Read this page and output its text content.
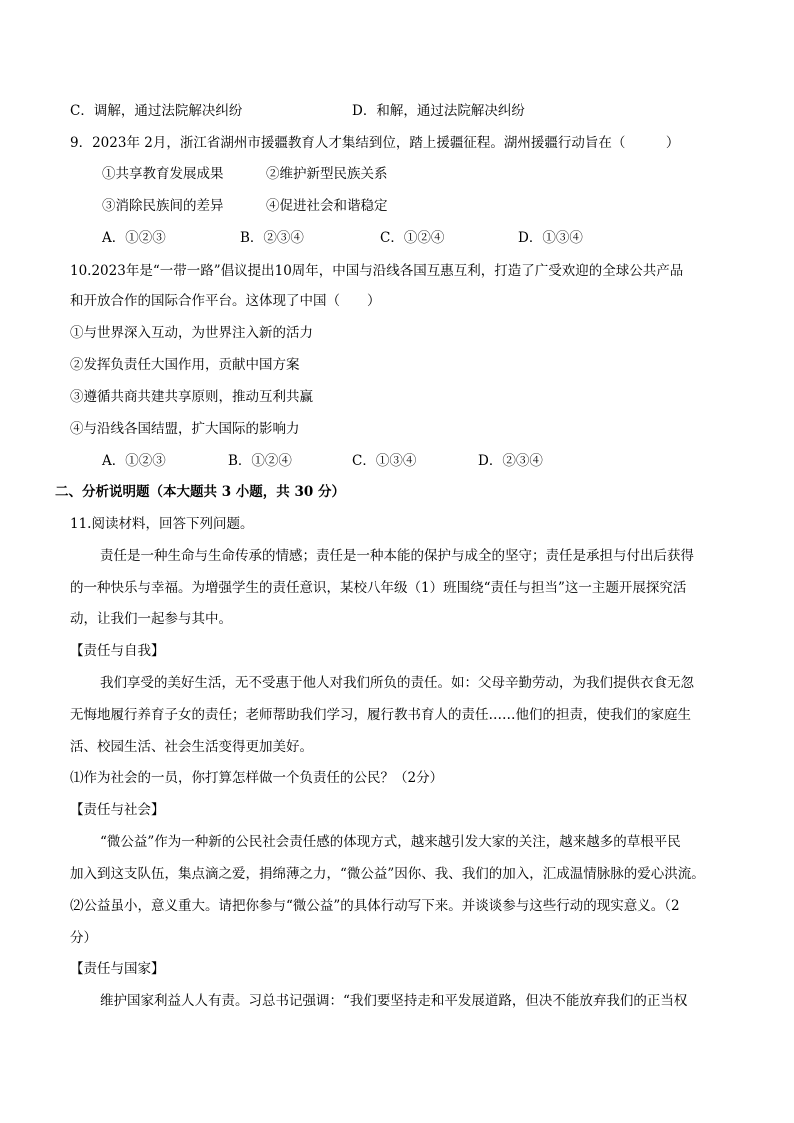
C．调解，通过法院解决纠纷	D．和解，通过法院解决纠纷
9．2023年 2月，浙江省湖州市援疆教育人才集结到位，踏上援疆征程。湖州援疆行动旨在（　　　）
①共享教育发展成果	②维护新型民族关系
③消除民族间的差异	④促进社会和谐稳定
A．①②③	B．②③④	C．①②④	D．①③④
10.2023年是“一带一路”倡议提出10周年，中国与沿线各国互惠互利，打造了广受欢迎的全球公共产品
和开放合作的国际合作平台。这体现了中国（　　）
①与世界深入互动，为世界注入新的活力
②发挥负责任大国作用，贡献中国方案
③遵循共商共建共享原则，推动互利共赢
④与沿线各国结盟，扩大国际的影响力
A．①②③	B．①②④	C．①③④	D．②③④
二、分析说明题（本大题共 3 小题，共 30 分）
11.阅读材料，回答下列问题。
责任是一种生命与生命传承的情感；责任是一种本能的保护与成全的坚守；责任是承担与付出后获得
的一种快乐与幸福。为增强学生的责任意识，某校八年级（1）班围绕“责任与担当”这一主题开展探究活
动，让我们一起参与其中。
【责任与自我】
我们享受的美好生活，无不受惠于他人对我们所负的责任。如：父母辛勤劳动，为我们提供衣食无忽
无悔地履行养育子女的责任；老师帮助我们学习，履行教书育人的责任……他们的担责，使我们的家庭生
活、校园生活、社会生活变得更加美好。
⑴作为社会的一员，你打算怎样做一个负责任的公民？（2分）
【责任与社会】
“微公益”作为一种新的公民社会责任感的体现方式，越来越引发大家的关注，越来越多的草根平民
加入到这支队伍，集点滴之爱，捐绵薄之力，“微公益”因你、我、我们的加入，汇成温情脉脉的爱心洪流。
⑵公益虽小，意义重大。请把你参与“微公益”的具体行动写下来。并谈谈参与这些行动的现实意义。（2
分）
【责任与国家】
维护国家利益人人有责。习总书记强调：“我们要坚持走和平发展道路，但决不能放弃我们的正当权
